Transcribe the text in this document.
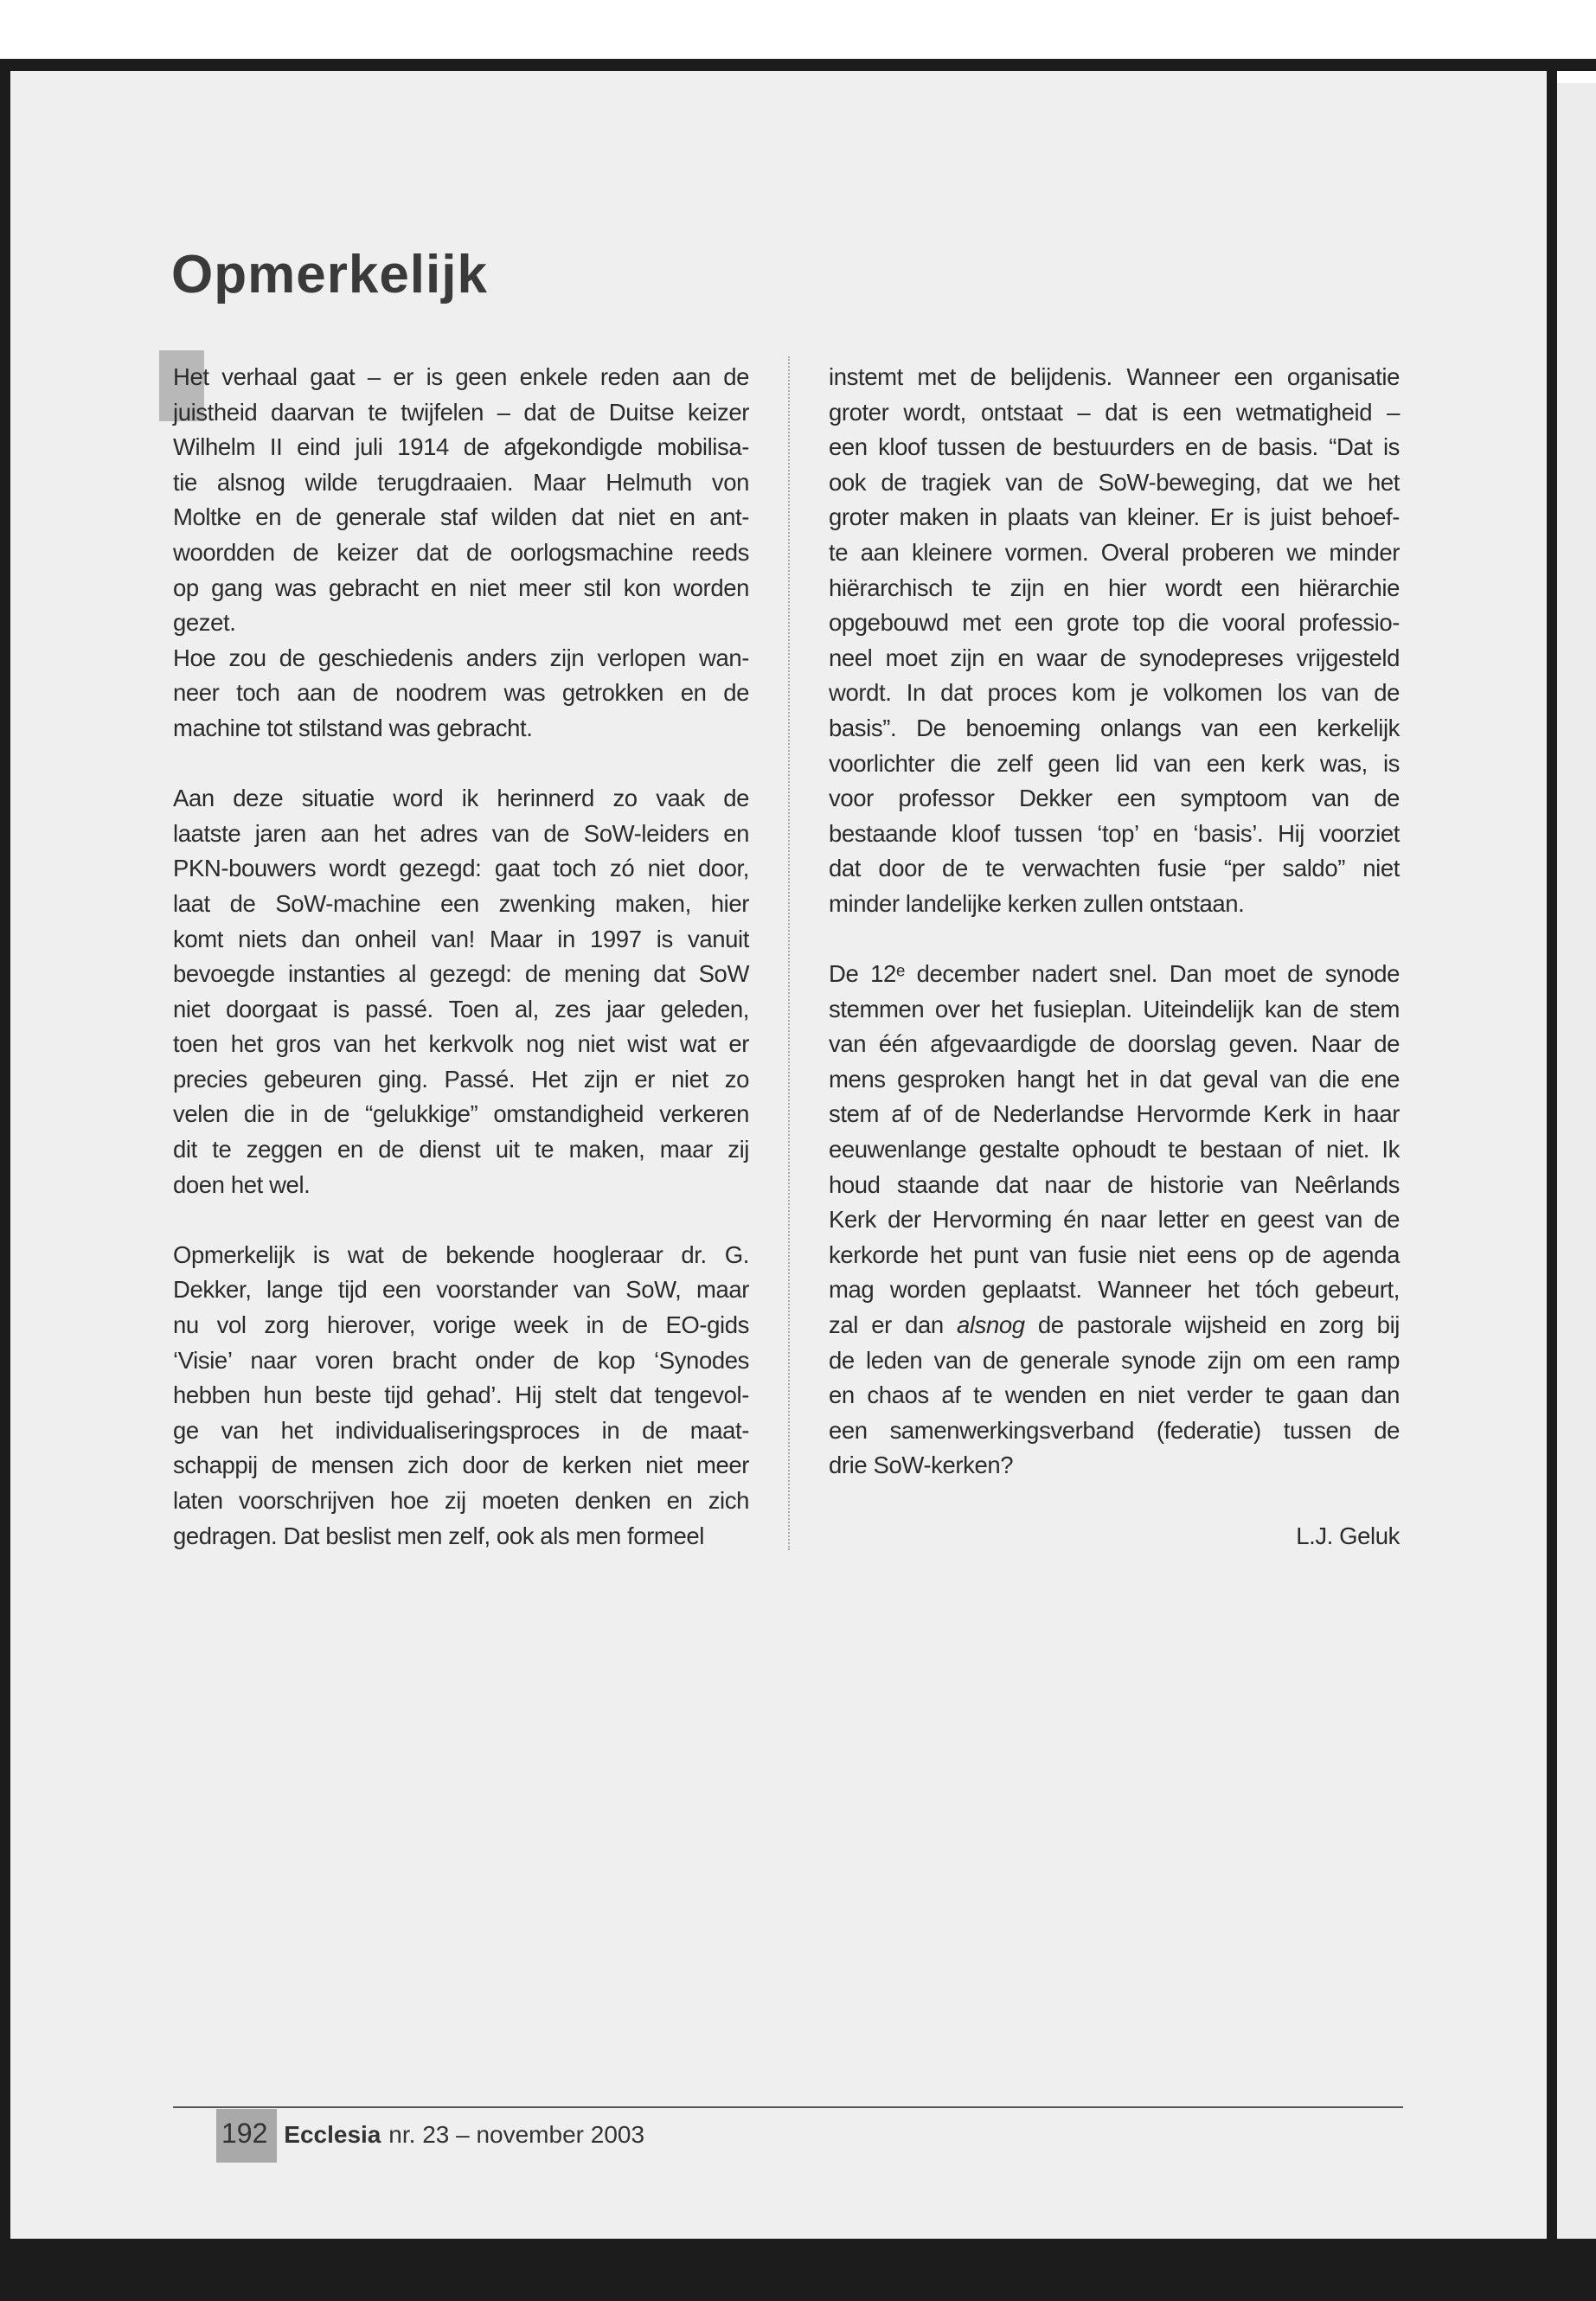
Opmerkelijk
Het verhaal gaat – er is geen enkele reden aan de
juistheid daarvan te twijfelen – dat de Duitse keizer
Wilhelm II eind juli 1914 de afgekondigde mobilisa-
tie alsnog wilde terugdraaien. Maar Helmuth von
Moltke en de generale staf wilden dat niet en ant-
woordden de keizer dat de oorlogsmachine reeds
op gang was gebracht en niet meer stil kon worden
gezet.
Hoe zou de geschiedenis anders zijn verlopen wan-
neer toch aan de noodrem was getrokken en de
machine tot stilstand was gebracht.
Aan deze situatie word ik herinnerd zo vaak de
laatste jaren aan het adres van de SoW-leiders en
PKN-bouwers wordt gezegd: gaat toch zó niet door,
laat de SoW-machine een zwenking maken, hier
komt niets dan onheil van! Maar in 1997 is vanuit
bevoegde instanties al gezegd: de mening dat SoW
niet doorgaat is passé. Toen al, zes jaar geleden,
toen het gros van het kerkvolk nog niet wist wat er
precies gebeuren ging. Passé. Het zijn er niet zo
velen die in de “gelukkige” omstandigheid verkeren
dit te zeggen en de dienst uit te maken, maar zij
doen het wel.
Opmerkelijk is wat de bekende hoogleraar dr. G.
Dekker, lange tijd een voorstander van SoW, maar
nu vol zorg hierover, vorige week in de EO-gids
‘Visie’ naar voren bracht onder de kop ‘Synodes
hebben hun beste tijd gehad’. Hij stelt dat tengevol-
ge van het individualiseringsproces in de maat-
schappij de mensen zich door de kerken niet meer
laten voorschrijven hoe zij moeten denken en zich
gedragen. Dat beslist men zelf, ook als men formeel
instemt met de belijdenis. Wanneer een organisatie
groter wordt, ontstaat – dat is een wetmatigheid –
een kloof tussen de bestuurders en de basis. “Dat is
ook de tragiek van de SoW-beweging, dat we het
groter maken in plaats van kleiner. Er is juist behoef-
te aan kleinere vormen. Overal proberen we minder
hiërarchisch te zijn en hier wordt een hiërarchie
opgebouwd met een grote top die vooral professio-
neel moet zijn en waar de synodepreses vrijgesteld
wordt. In dat proces kom je volkomen los van de
basis”. De benoeming onlangs van een kerkelijk
voorlichter die zelf geen lid van een kerk was, is
voor professor Dekker een symptoom van de
bestaande kloof tussen ‘top’ en ‘basis’. Hij voorziet
dat door de te verwachten fusie “per saldo” niet
minder landelijke kerken zullen ontstaan.
De 12ᵉ december nadert snel. Dan moet de synode
stemmen over het fusieplan. Uiteindelijk kan de stem
van één afgevaardigde de doorslag geven. Naar de
mens gesproken hangt het in dat geval van die ene
stem af of de Nederlandse Hervormde Kerk in haar
eeuwenlange gestalte ophoudt te bestaan of niet. Ik
houd staande dat naar de historie van Neêrlands
Kerk der Hervorming én naar letter en geest van de
kerkorde het punt van fusie niet eens op de agenda
mag worden geplaatst. Wanneer het tóch gebeurt,
zal er dan alsnog de pastorale wijsheid en zorg bij
de leden van de generale synode zijn om een ramp
en chaos af te wenden en niet verder te gaan dan
een samenwerkingsverband (federatie) tussen de
drie SoW-kerken?
L.J. Geluk
192 Ecclesia nr. 23 – november 2003
